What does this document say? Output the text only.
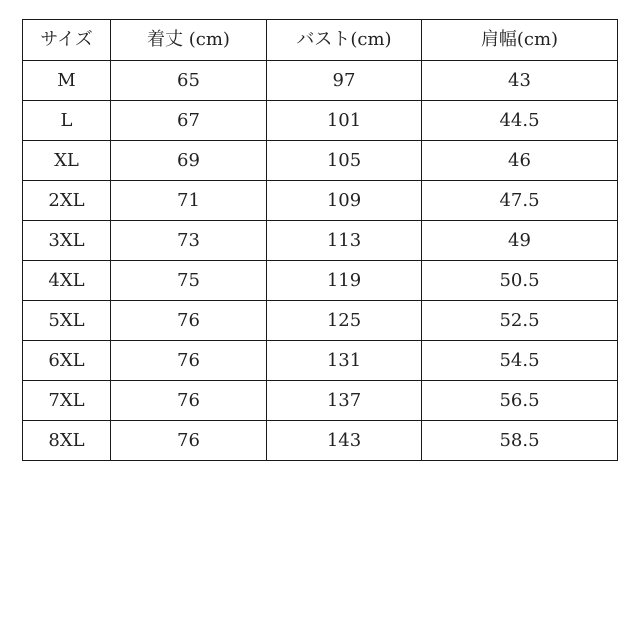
サイズ	着丈 (cm)	バスト(cm)	肩幅(cm)
M	65	97	43
L	67	101	44.5
XL	69	105	46
2XL	71	109	47.5
3XL	73	113	49
4XL	75	119	50.5
5XL	76	125	52.5
6XL	76	131	54.5
7XL	76	137	56.5
8XL	76	143	58.5
